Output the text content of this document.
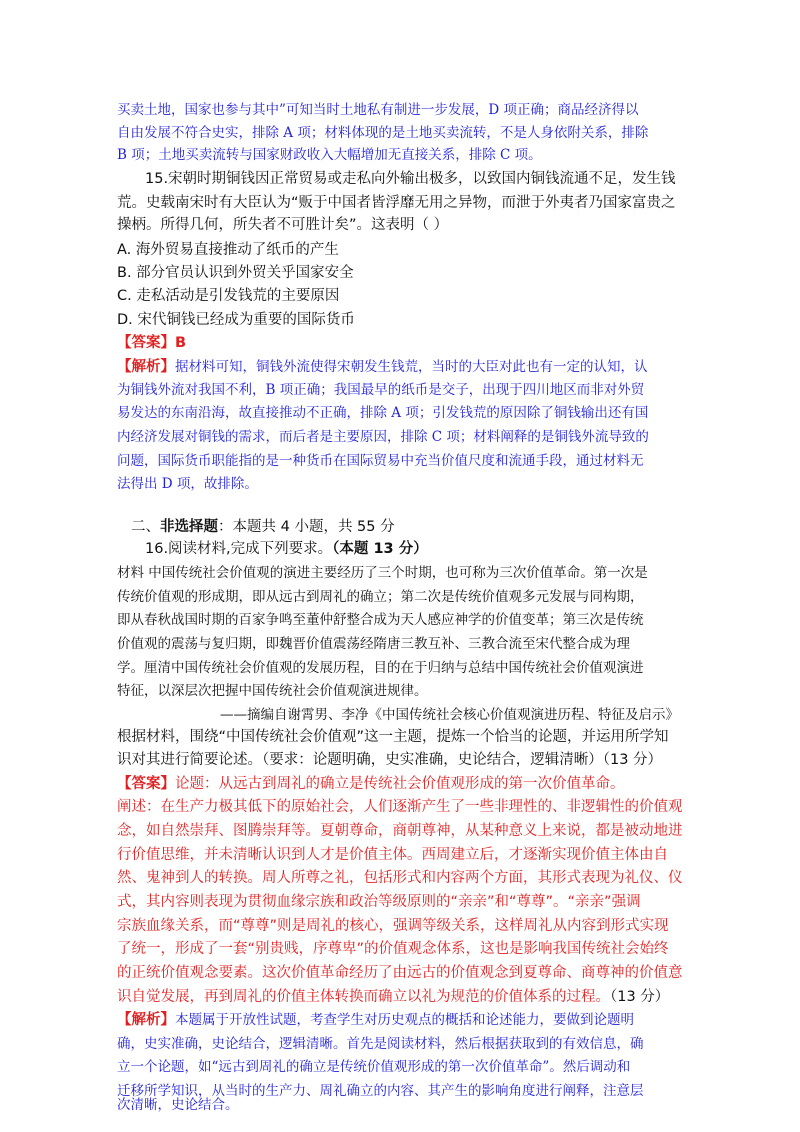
买卖土地，国家也参与其中”可知当时土地私有制进一步发展，D 项正确；商品经济得以
自由发展不符合史实，排除 A 项；材料体现的是土地买卖流转，不是人身依附关系，排除
B 项；土地买卖流转与国家财政收入大幅增加无直接关系，排除 C 项。
15.宋朝时期铜钱因正常贸易或走私向外输出极多，以致国内铜钱流通不足，发生钱
荒。史载南宋时有大臣认为“贩于中国者皆浮靡无用之异物，而泄于外夷者乃国家富贵之
操柄。所得几何，所失者不可胜计矣”。这表明（ ）
A. 海外贸易直接推动了纸币的产生
B. 部分官员认识到外贸关乎国家安全
C. 走私活动是引发钱荒的主要原因
D. 宋代铜钱已经成为重要的国际货币
【答案】B
【解析】据材料可知，铜钱外流使得宋朝发生钱荒，当时的大臣对此也有一定的认知，认
为铜钱外流对我国不利，B 项正确；我国最早的纸币是交子，出现于四川地区而非对外贸
易发达的东南沿海，故直接推动不正确，排除 A 项；引发钱荒的原因除了铜钱输出还有国
内经济发展对铜钱的需求，而后者是主要原因，排除 C 项；材料阐释的是铜钱外流导致的
问题，国际货币职能指的是一种货币在国际贸易中充当价值尺度和流通手段，通过材料无
法得出 D 项，故排除。
二、非选择题：本题共 4 小题，共 55 分
16.阅读材料,完成下列要求。（本题 13 分）
材料 中国传统社会价值观的演进主要经历了三个时期，也可称为三次价值革命。第一次是
传统价值观的形成期，即从远古到周礼的确立；第二次是传统价值观多元发展与同构期，
即从春秋战国时期的百家争鸣至董仲舒整合成为天人感应神学的价值变革；第三次是传统
价值观的震荡与复归期，即魏晋价值震荡经隋唐三教互补、三教合流至宋代整合成为理
学。厘清中国传统社会价值观的发展历程，目的在于归纳与总结中国传统社会价值观演进
特征，以深层次把握中国传统社会价值观演进规律。
——摘编自谢霄男、李净《中国传统社会核心价值观演进历程、特征及启示》
根据材料，围绕“中国传统社会价值观”这一主题，提炼一个恰当的论题，并运用所学知
识对其进行简要论述。（要求：论题明确，史实准确，史论结合，逻辑清晰）（13 分）
【答案】论题：从远古到周礼的确立是传统社会价值观形成的第一次价值革命。
阐述：在生产力极其低下的原始社会，人们逐渐产生了一些非理性的、非逻辑性的价值观
念，如自然崇拜、图腾崇拜等。夏朝尊命，商朝尊神，从某种意义上来说，都是被动地进
行价值思维，并未清晰认识到人才是价值主体。西周建立后，才逐渐实现价值主体由自
然、鬼神到人的转换。周人所尊之礼，包括形式和内容两个方面，其形式表现为礼仪、仪
式，其内容则表现为贯彻血缘宗族和政治等级原则的“亲亲”和“尊尊”。“亲亲”强调
宗族血缘关系，而“尊尊”则是周礼的核心，强调等级关系，这样周礼从内容到形式实现
了统一，形成了一套“别贵贱，序尊卑”的价值观念体系，这也是影响我国传统社会始终
的正统价值观念要素。这次价值革命经历了由远古的价值观念到夏尊命、商尊神的价值意
识自觉发展，再到周礼的价值主体转换而确立以礼为规范的价值体系的过程。（13 分）
【解析】本题属于开放性试题，考查学生对历史观点的概括和论述能力，要做到论题明
确，史实准确，史论结合，逻辑清晰。首先是阅读材料，然后根据获取到的有效信息，确
立一个论题，如“远古到周礼的确立是传统价值观形成的第一次价值革命”。然后调动和
迁移所学知识，从当时的生产力、周礼确立的内容、其产生的影响角度进行阐释，注意层
次清晰，史论结合。
